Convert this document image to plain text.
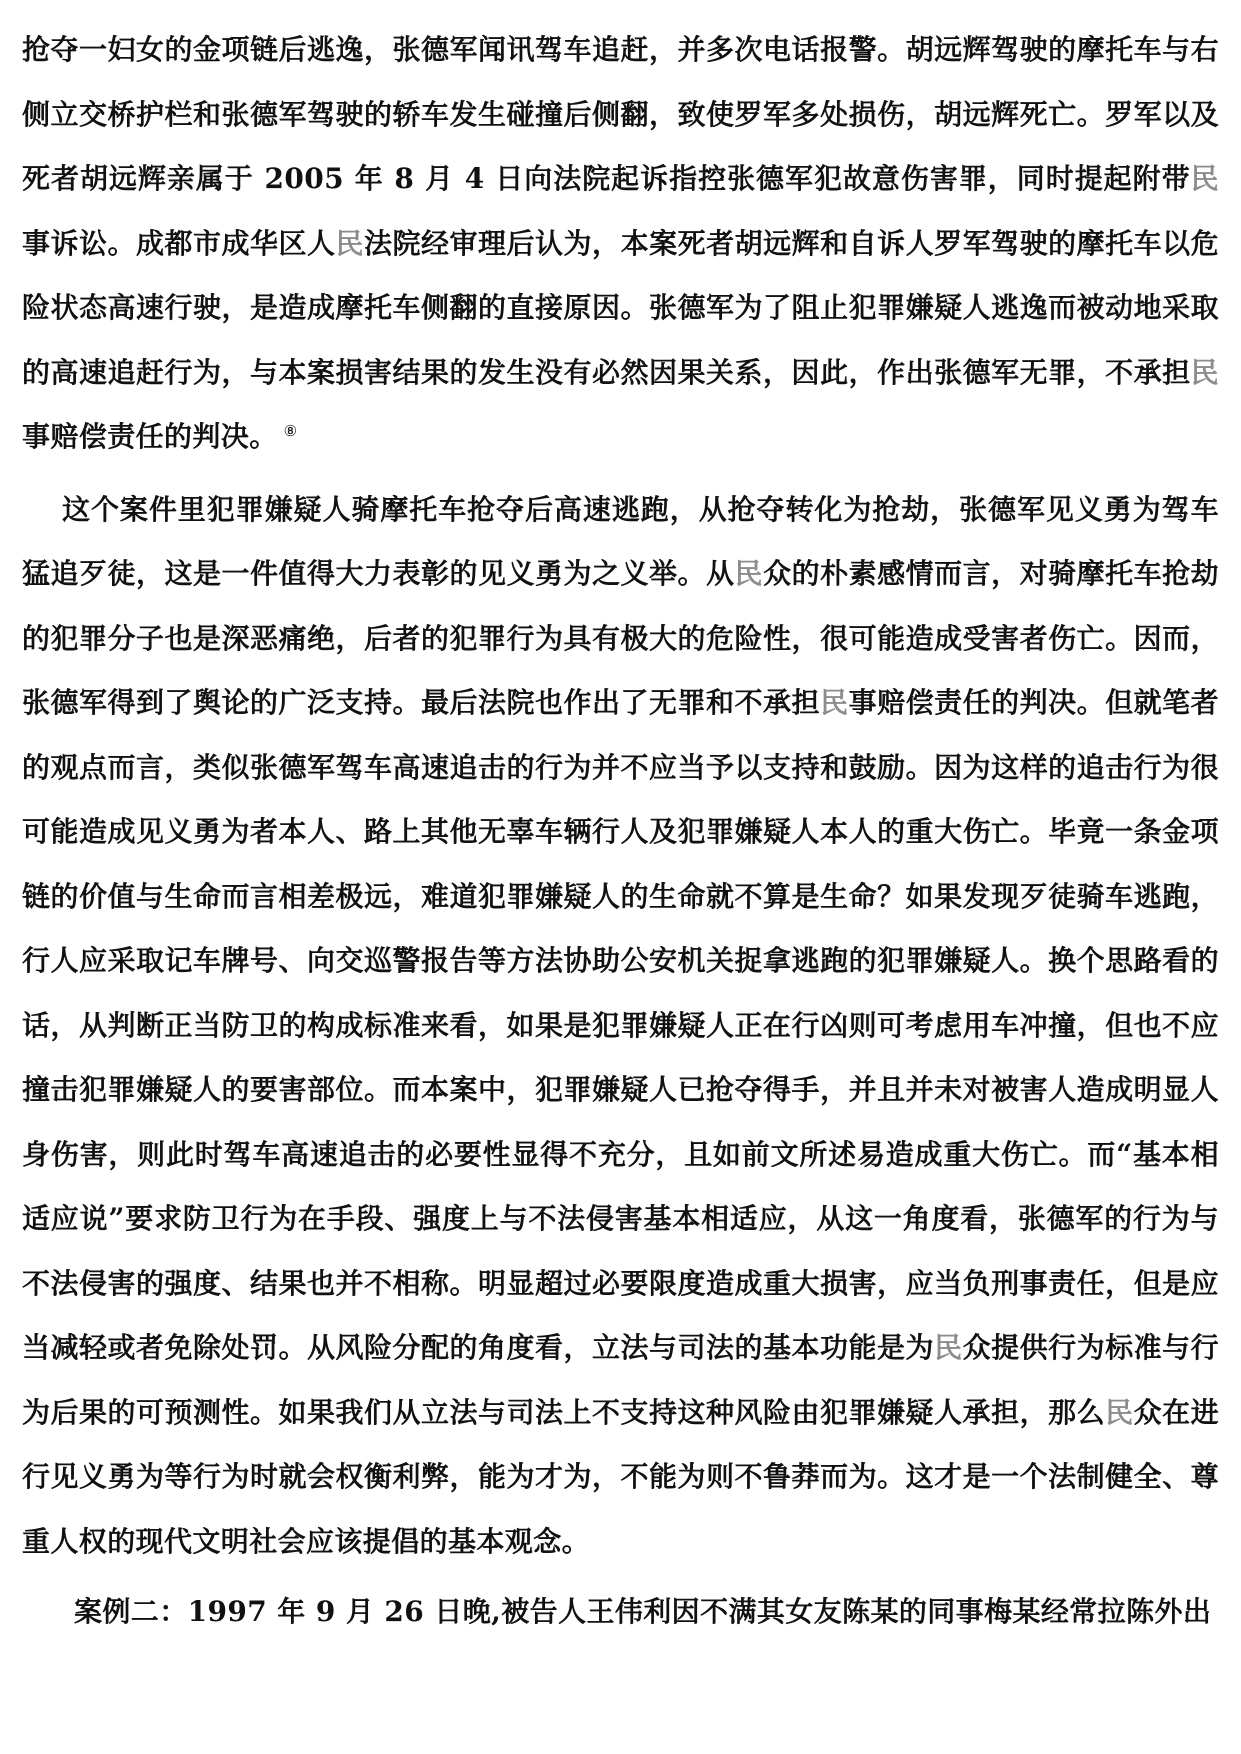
抢夺一妇女的金项链后逃逸，张德军闻讯驾车追赶，并多次电话报警。胡远辉驾驶的摩托车与右侧立交桥护栏和张德军驾驶的轿车发生碰撞后侧翻，致使罗军多处损伤，胡远辉死亡。罗军以及死者胡远辉亲属于 2005 年 8 月 4 日向法院起诉指控张德军犯故意伤害罪，同时提起附带民事诉讼。成都市成华区人民法院经审理后认为，本案死者胡远辉和自诉人罗军驾驶的摩托车以危险状态高速行驶，是造成摩托车侧翻的直接原因。张德军为了阻止犯罪嫌疑人逃逸而被动地采取的高速追赶行为，与本案损害结果的发生没有必然因果关系，因此，作出张德军无罪，不承担民事赔偿责任的判决。 ⑧

这个案件里犯罪嫌疑人骑摩托车抢夺后高速逃跑，从抢夺转化为抢劫，张德军见义勇为驾车猛追歹徒，这是一件值得大力表彰的见义勇为之义举。从民众的朴素感情而言，对骑摩托车抢劫的犯罪分子也是深恶痛绝，后者的犯罪行为具有极大的危险性，很可能造成受害者伤亡。因而，张德军得到了舆论的广泛支持。最后法院也作出了无罪和不承担民事赔偿责任的判决。但就笔者的观点而言，类似张德军驾车高速追击的行为并不应当予以支持和鼓励。因为这样的追击行为很可能造成见义勇为者本人、路上其他无辜车辆行人及犯罪嫌疑人本人的重大伤亡。毕竟一条金项链的价值与生命而言相差极远，难道犯罪嫌疑人的生命就不算是生命？如果发现歹徒骑车逃跑，行人应采取记车牌号、向交巡警报告等方法协助公安机关捉拿逃跑的犯罪嫌疑人。换个思路看的话，从判断正当防卫的构成标准来看，如果是犯罪嫌疑人正在行凶则可考虑用车冲撞，但也不应撞击犯罪嫌疑人的要害部位。而本案中，犯罪嫌疑人已抢夺得手，并且并未对被害人造成明显人身伤害，则此时驾车高速追击的必要性显得不充分，且如前文所述易造成重大伤亡。而“基本相适应说”要求防卫行为在手段、强度上与不法侵害基本相适应，从这一角度看，张德军的行为与不法侵害的强度、结果也并不相称。明显超过必要限度造成重大损害，应当负刑事责任，但是应当减轻或者免除处罚。从风险分配的角度看，立法与司法的基本功能是为民众提供行为标准与行为后果的可预测性。如果我们从立法与司法上不支持这种风险由犯罪嫌疑人承担，那么民众在进行见义勇为等行为时就会权衡利弊，能为才为，不能为则不鲁莽而为。这才是一个法制健全、尊重人权的现代文明社会应该提倡的基本观念。

案例二：1997 年 9 月 26 日晚,被告人王伟利因不满其女友陈某的同事梅某经常拉陈外出
